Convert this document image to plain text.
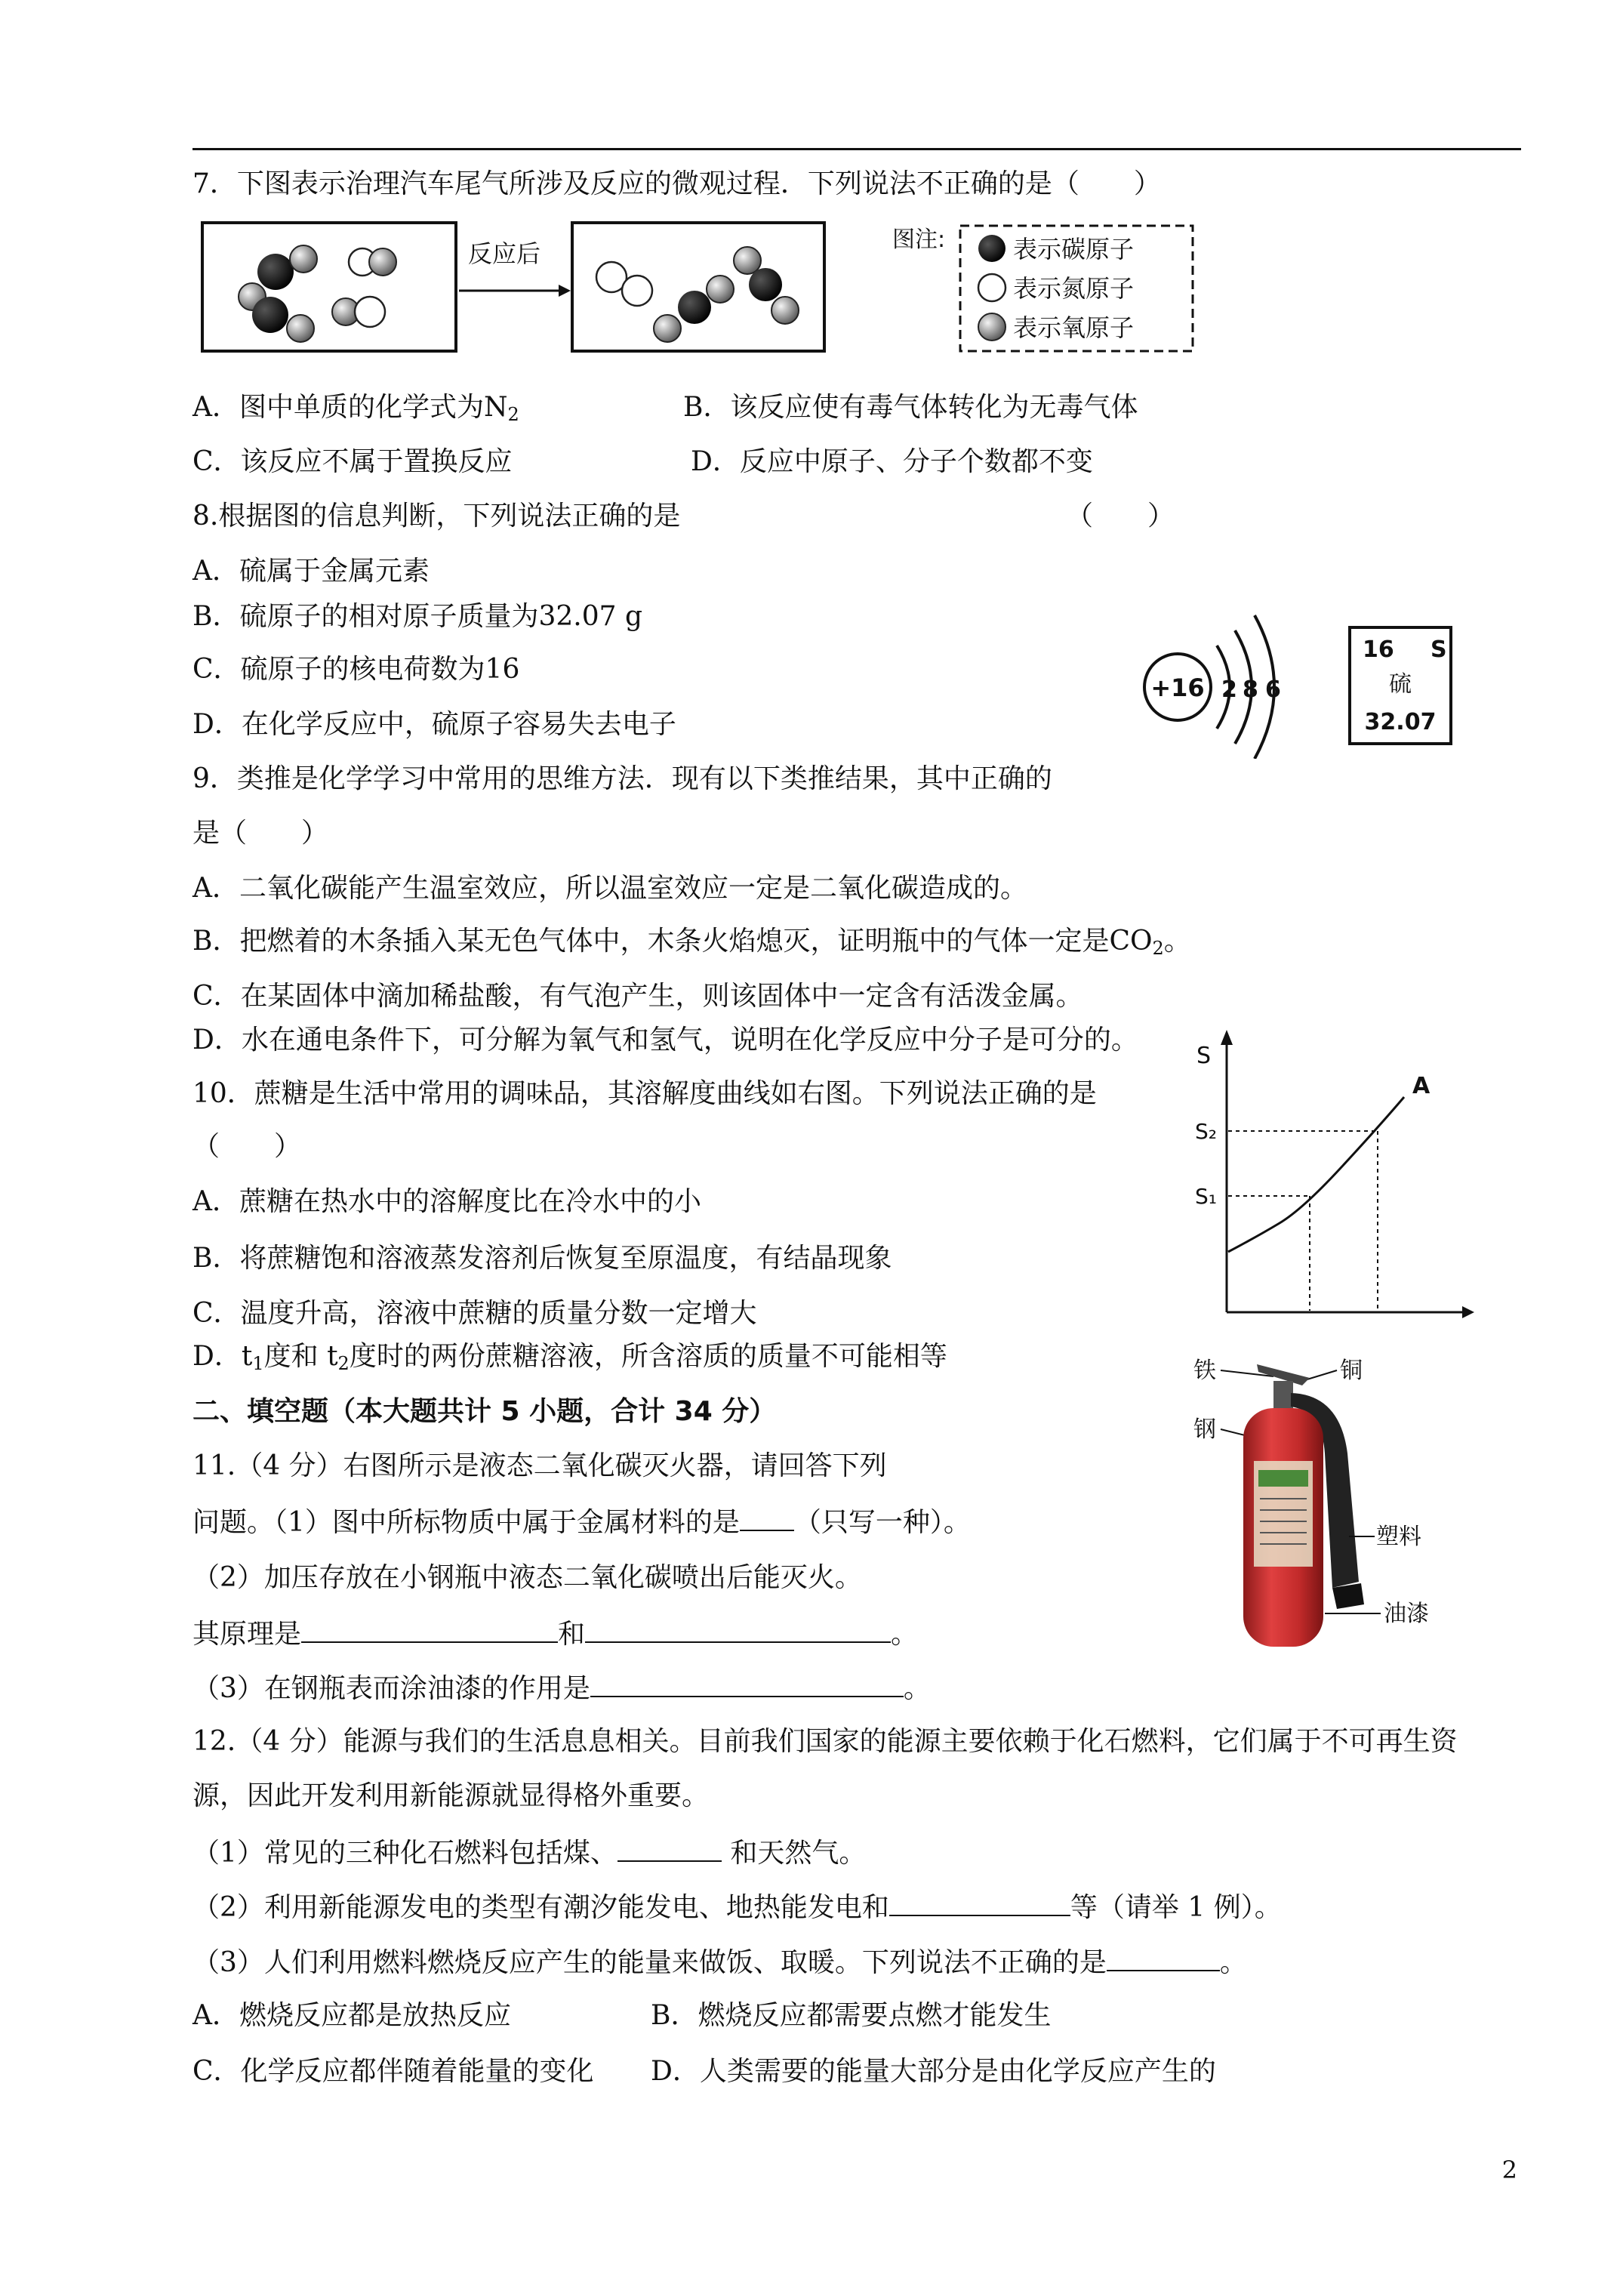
7．下图表示治理汽车尾气所涉及反应的微观过程．下列说法不正确的是（　　）
反应后	图注:	表示碳原子
表示氮原子
表示氧原子
A．图中单质的化学式为$N_2$	B．该反应使有毒气体转化为无毒气体
C．该反应不属于置换反应	D．反应中原子、分子个数都不变
8.根据图的信息判断，下列说法正确的是	（　　）
A．硫属于金属元素
B．硫原子的相对原子质量为32.07 g
C．硫原子的核电荷数为16
D．在化学反应中，硫原子容易失去电子
+16 2 8 6
16 S
硫
32.07
9．类推是化学学习中常用的思维方法．现有以下类推结果，其中正确的
是（　　）
A．二氧化碳能产生温室效应，所以温室效应一定是二氧化碳造成的。
B．把燃着的木条插入某无色气体中，木条火焰熄灭，证明瓶中的气体一定是$CO_2$。
C．在某固体中滴加稀盐酸，有气泡产生，则该固体中一定含有活泼金属。
D．水在通电条件下，可分解为氧气和氢气，说明在化学反应中分子是可分的。
10．蔗糖是生活中常用的调味品，其溶解度曲线如右图。下列说法正确的是
（　　）
A．蔗糖在热水中的溶解度比在冷水中的小
B．将蔗糖饱和溶液蒸发溶剂后恢复至原温度，有结晶现象
C．温度升高，溶液中蔗糖的质量分数一定增大
D．$t_1$度和 $t_2$度时的两份蔗糖溶液，所含溶质的质量不可能相等
S
S₂
S₁
A
二、填空题（本大题共计 5 小题，合计 34 分）
11.（4 分）右图所示是液态二氧化碳灭火器，请回答下列
问题。（1）图中所标物质中属于金属材料的是 （只写一种）。
（2）加压存放在小钢瓶中液态二氧化碳喷出后能灭火。
其原理是	和	。
（3）在钢瓶表而涂油漆的作用是	。
铁	铜
钢
塑料
油漆
12.（4 分）能源与我们的生活息息相关。目前我们国家的能源主要依赖于化石燃料，它们属于不可再生资
源，因此开发利用新能源就显得格外重要。
（1）常见的三种化石燃料包括煤、	和天然气。
（2）利用新能源发电的类型有潮汐能发电、地热能发电和	等（请举 1 例）。
（3）人们利用燃料燃烧反应产生的能量来做饭、取暖。下列说法不正确的是	。
A．燃烧反应都是放热反应	B．燃烧反应都需要点燃才能发生
C．化学反应都伴随着能量的变化 D．人类需要的能量大部分是由化学反应产生的
2
